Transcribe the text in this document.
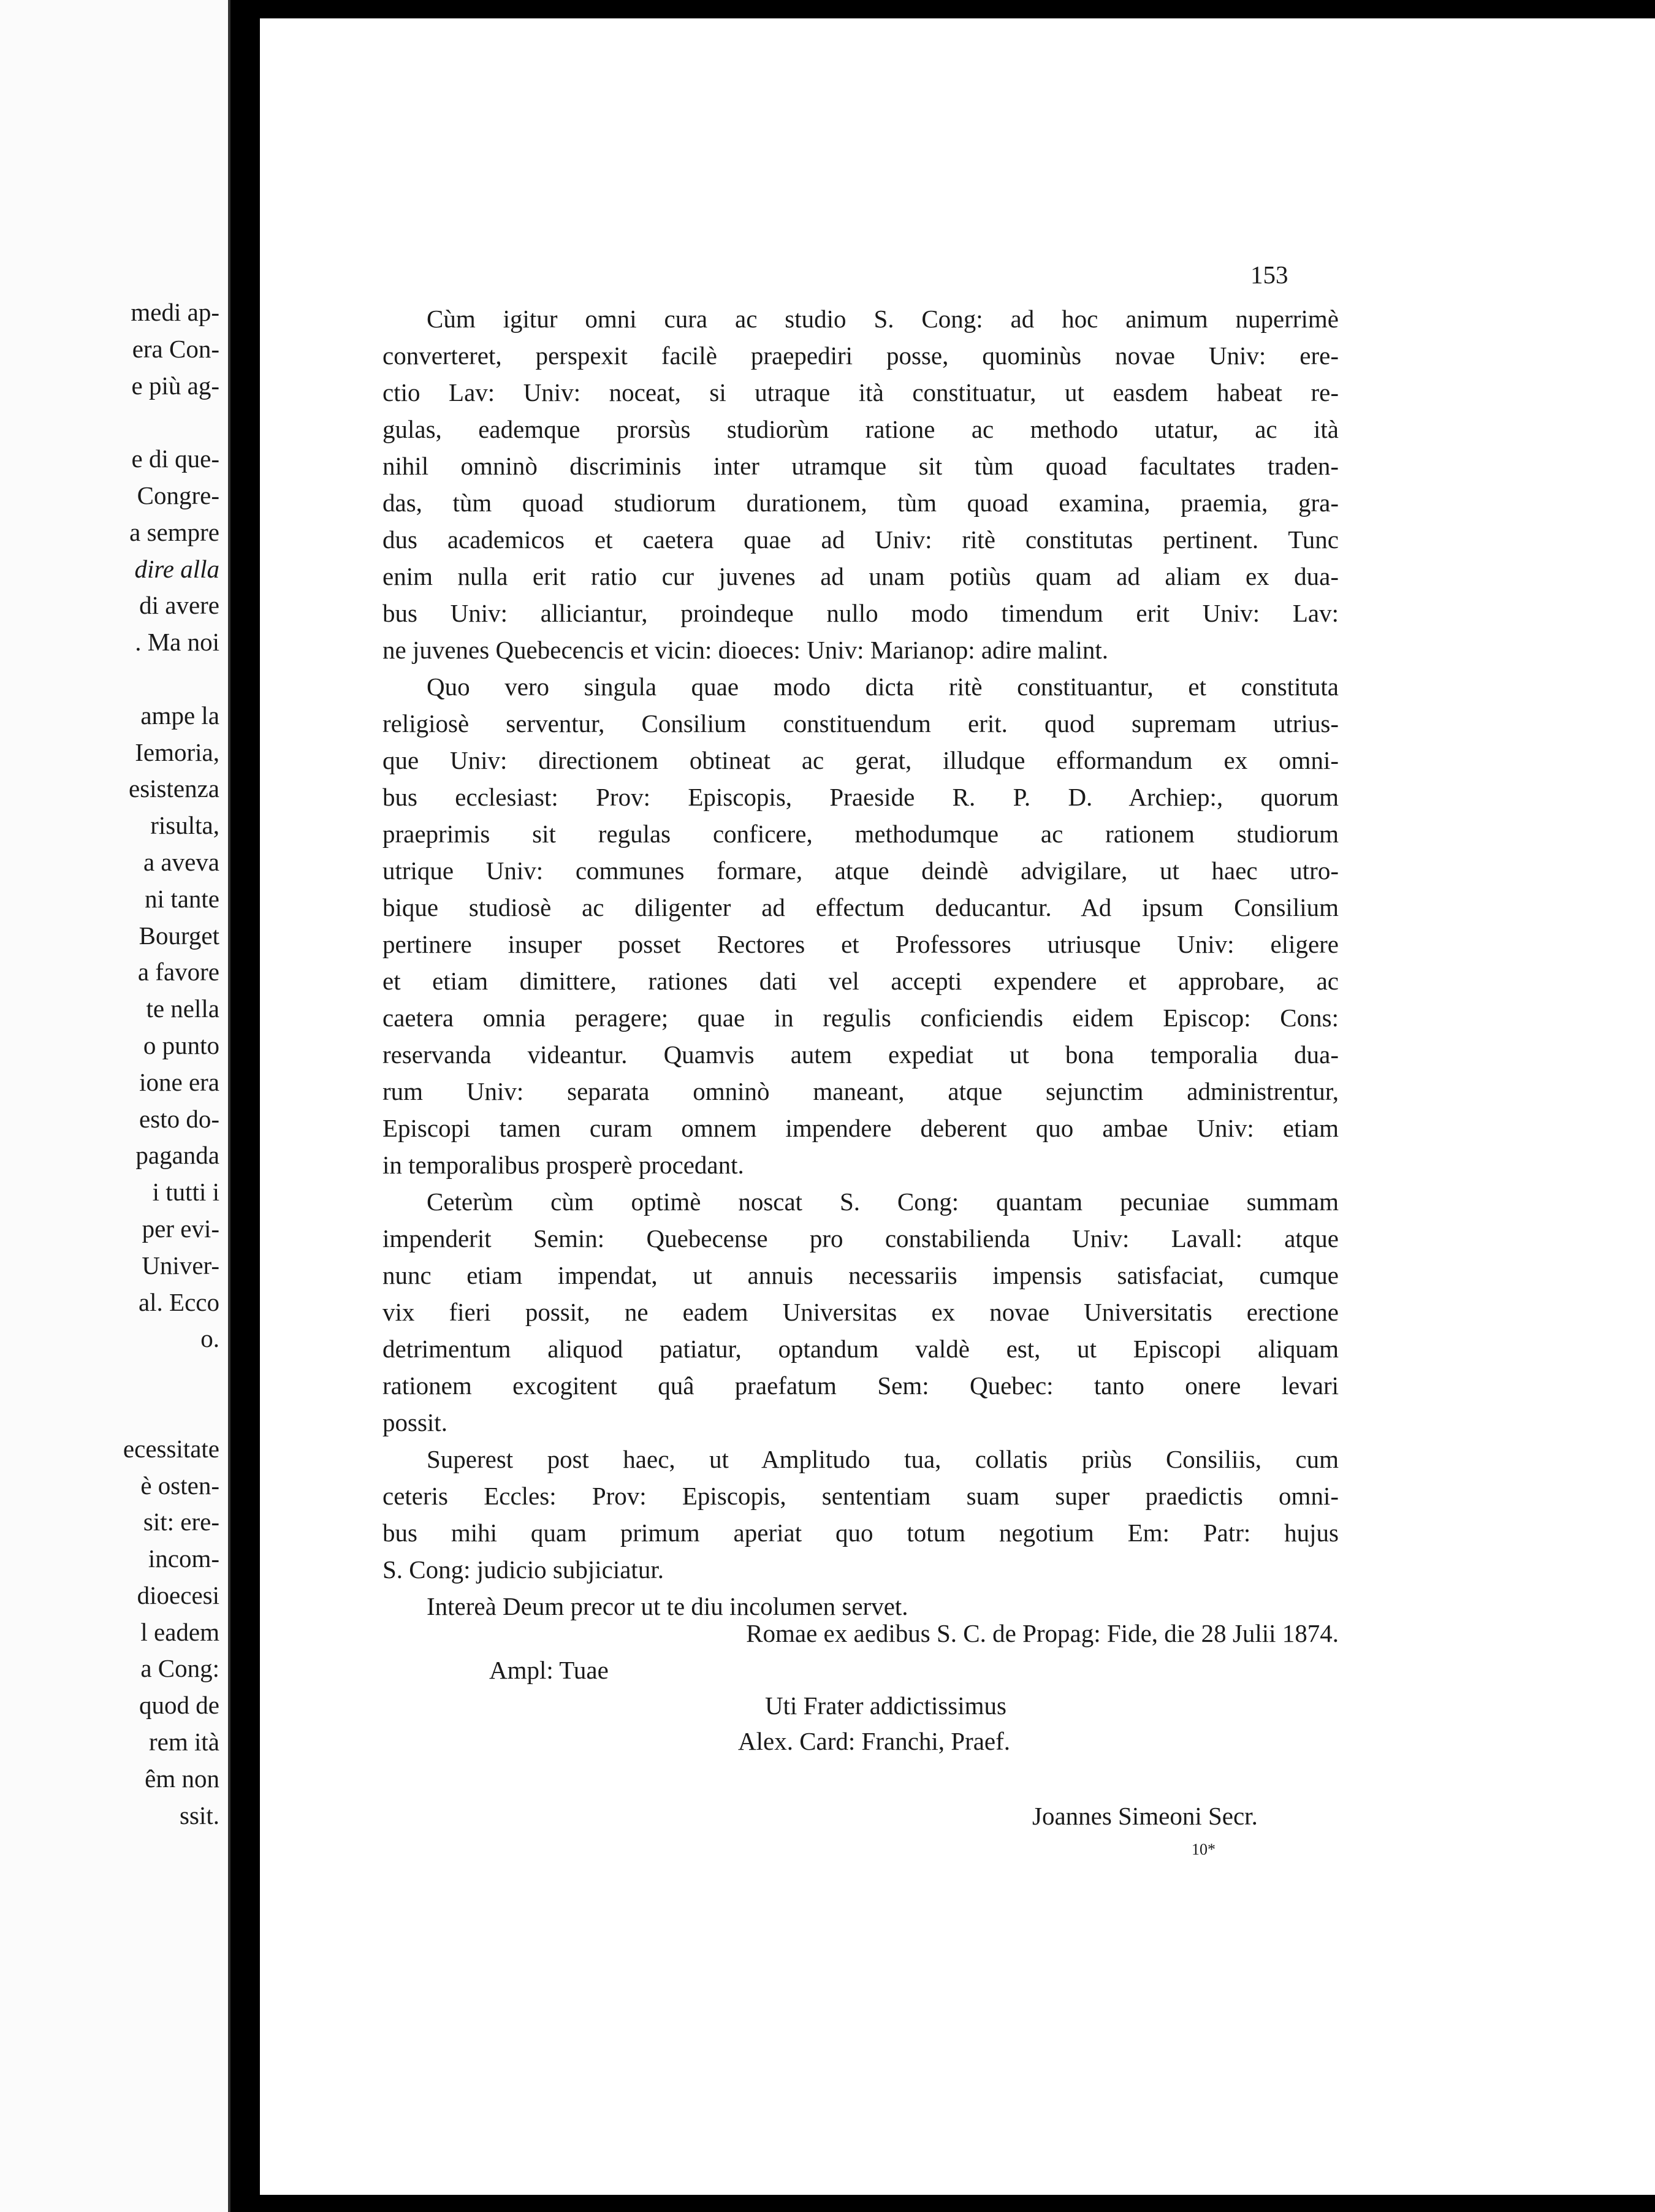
medi ap-
era Con-
e più ag-
e di que-
Congre-
a sempre
dire alla
di avere
. Ma noi
ampe la
Iemoria,
esistenza
risulta,
a aveva
ni tante
Bourget
a favore
te nella
o punto
ione era
esto do-
paganda
i tutti i
per evi-
Univer-
al. Ecco
o.
ecessitate
è osten-
sit: ere-
incom-
dioecesi
l eadem
a Cong:
quod de
rem ità
êm non
ssit.
153
Cùm igitur omni cura ac studio S. Cong: ad hoc animum nuperrimè
converteret, perspexit facilè praepediri posse, quominùs novae Univ: ere-
ctio Lav: Univ: noceat, si utraque ità constituatur, ut easdem habeat re-
gulas, eademque prorsùs studiorùm ratione ac methodo utatur, ac ità
nihil omninò discriminis inter utramque sit tùm quoad facultates traden-
das, tùm quoad studiorum durationem, tùm quoad examina, praemia, gra-
dus academicos et caetera quae ad Univ: ritè constitutas pertinent. Tunc
enim nulla erit ratio cur juvenes ad unam potiùs quam ad aliam ex dua-
bus Univ: alliciantur, proindeque nullo modo timendum erit Univ: Lav:
ne juvenes Quebecencis et vicin: dioeces: Univ: Marianop: adire malint.
Quo vero singula quae modo dicta ritè constituantur, et constituta
religiosè serventur, Consilium constituendum erit. quod supremam utrius-
que Univ: directionem obtineat ac gerat, illudque efformandum ex omni-
bus ecclesiast: Prov: Episcopis, Praeside R. P. D. Archiep:, quorum
praeprimis sit regulas conficere, methodumque ac rationem studiorum
utrique Univ: communes formare, atque deindè advigilare, ut haec utro-
bique studiosè ac diligenter ad effectum deducantur. Ad ipsum Consilium
pertinere insuper posset Rectores et Professores utriusque Univ: eligere
et etiam dimittere, rationes dati vel accepti expendere et approbare, ac
caetera omnia peragere; quae in regulis conficiendis eidem Episcop: Cons:
reservanda videantur. Quamvis autem expediat ut bona temporalia dua-
rum Univ: separata omninò maneant, atque sejunctim administrentur,
Episcopi tamen curam omnem impendere deberent quo ambae Univ: etiam
in temporalibus prosperè procedant.
Ceterùm cùm optimè noscat S. Cong: quantam pecuniae summam
impenderit Semin: Quebecense pro constabilienda Univ: Lavall: atque
nunc etiam impendat, ut annuis necessariis impensis satisfaciat, cumque
vix fieri possit, ne eadem Universitas ex novae Universitatis erectione
detrimentum aliquod patiatur, optandum valdè est, ut Episcopi aliquam
rationem excogitent quâ praefatum Sem: Quebec: tanto onere levari
possit.
Superest post haec, ut Amplitudo tua, collatis priùs Consiliis, cum
ceteris Eccles: Prov: Episcopis, sententiam suam super praedictis omni-
bus mihi quam primum aperiat quo totum negotium Em: Patr: hujus
S. Cong: judicio subjiciatur.
Intereà Deum precor ut te diu incolumen servet.
Romae ex aedibus S. C. de Propag: Fide, die 28 Julii 1874.
Ampl: Tuae
Uti Frater addictissimus
Alex. Card: Franchi, Praef.
Joannes Simeoni Secr.
10*
